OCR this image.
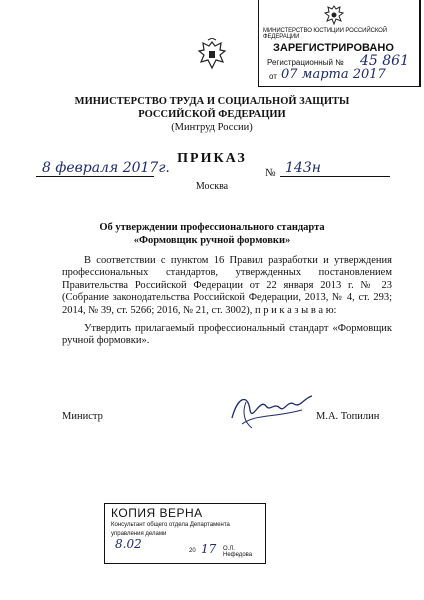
МИНИСТЕРСТВО ЮСТИЦИИ РОССИЙСКОЙ ФЕДЕРАЦИИ
ЗАРЕГИСТРИРОВАНО
Регистрационный № 45 861
от 07 марта 2017
МИНИСТЕРСТВО ТРУДА И СОЦИАЛЬНОЙ ЗАЩИТЫ
РОССИЙСКОЙ ФЕДЕРАЦИИ
(Минтруд России)
ПРИКАЗ
8 февраля 2017г.
Москва
№ 143н
Об утверждении профессионального стандарта
«Формовщик ручной формовки»

В соответствии с пунктом 16 Правил разработки и утверждения профессиональных стандартов, утвержденных постановлением Правительства Российской Федерации от 22 января 2013 г. № 23 (Собрание законодательства Российской Федерации, 2013, № 4, ст. 293; 2014, № 39, ст. 5266; 2016, № 21, ст. 3002), п р и к а з ы в а ю:

Утвердить прилагаемый профессиональный стандарт «Формовщик ручной формовки».

Министр	М.А. Топилин
КОПИЯ ВЕРНА
Консультант общего отдела Департамента
управления делами
8.02	20 17 О.Л. Нефедова
